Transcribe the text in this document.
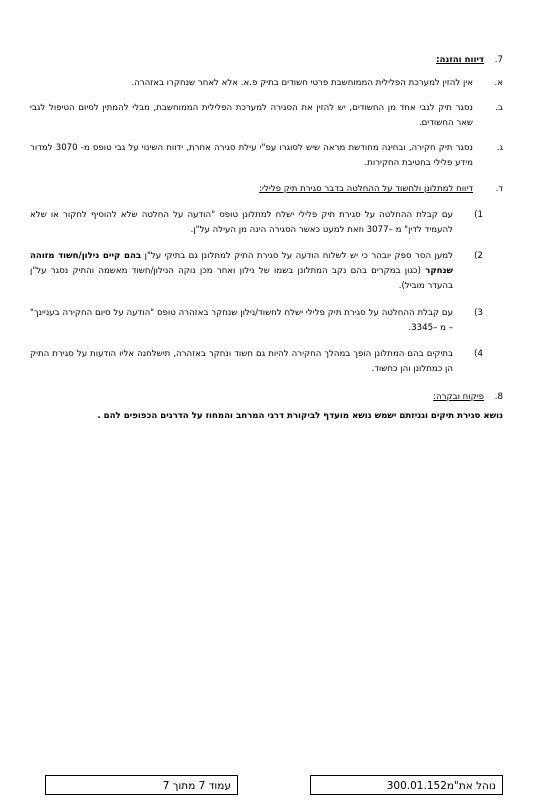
7. דיווח והזנה:
א.
אין להזין למערכת הפלילית הממוחשבת פרטי חשודים בתיק פ.א. אלא לאחר שנחקרו באזהרה.
ב.
נסגר תיק לגבי אחד מן החשודים, יש להזין את הסגירה למערכת הפלילית הממוחשבת, מבלי להמתין לסיום הטיפול לגבי שאר החשודים.
ג.
נסגר תיק חקירה, ובחינה מחודשת מראה שיש לסוגרו עפ"י עילת סגירה אחרת, ידווח השינוי על גבי טופס מ- 3070 למדור מידע פלילי בחטיבת החקירות.
ד.
דיווח למתלונן ולחשוד על ההחלטה בדבר סגירת תיק פלילי:
1)
עם קבלת ההחלטה על סגירת תיק פלילי ישלח למתלונן טופס "הודעה על החלטה שלא להוסיף לחקור או שלא להעמיד לדין" מ –3077 וזאת למעט כאשר הסגירה הינה מן העילה על"ן.
2)
למען הסר ספק יובהר כי יש לשלוח הודעה על סגירת התיק למתלונן גם בתיקי על"ן בהם קיים נילון/חשוד מזוהה שנחקר (כגון במקרים בהם נקב המתלונן בשמו של נילון ואחר מכן נוקה הנילון/חשוד מאשמה והתיק נסגר על"ן בהעדר מוביל).
3)
עם קבלת ההחלטה על סגירת תיק פלילי ישלח לחשוד/נילון שנחקר באזהרה טופס "הודעה על סיום החקירה בעניינך" – מ –3345.
4)
בתיקים בהם המתלונן הופך במהלך החקירה להיות גם חשוד ונחקר באזהרה, תישלחנה אליו הודעות על סגירת התיק הן כמתלונן והן כחשוד.
8. פיקוח ובקרה:
נושא סגירת תיקים וגניזתם ישמש נושא מועדף לביקורת דרגי המרחב והמחוז על הדרגים הכפופים להם .
נוהל את"מ300.01.152
עמוד 7 מתוך 7
